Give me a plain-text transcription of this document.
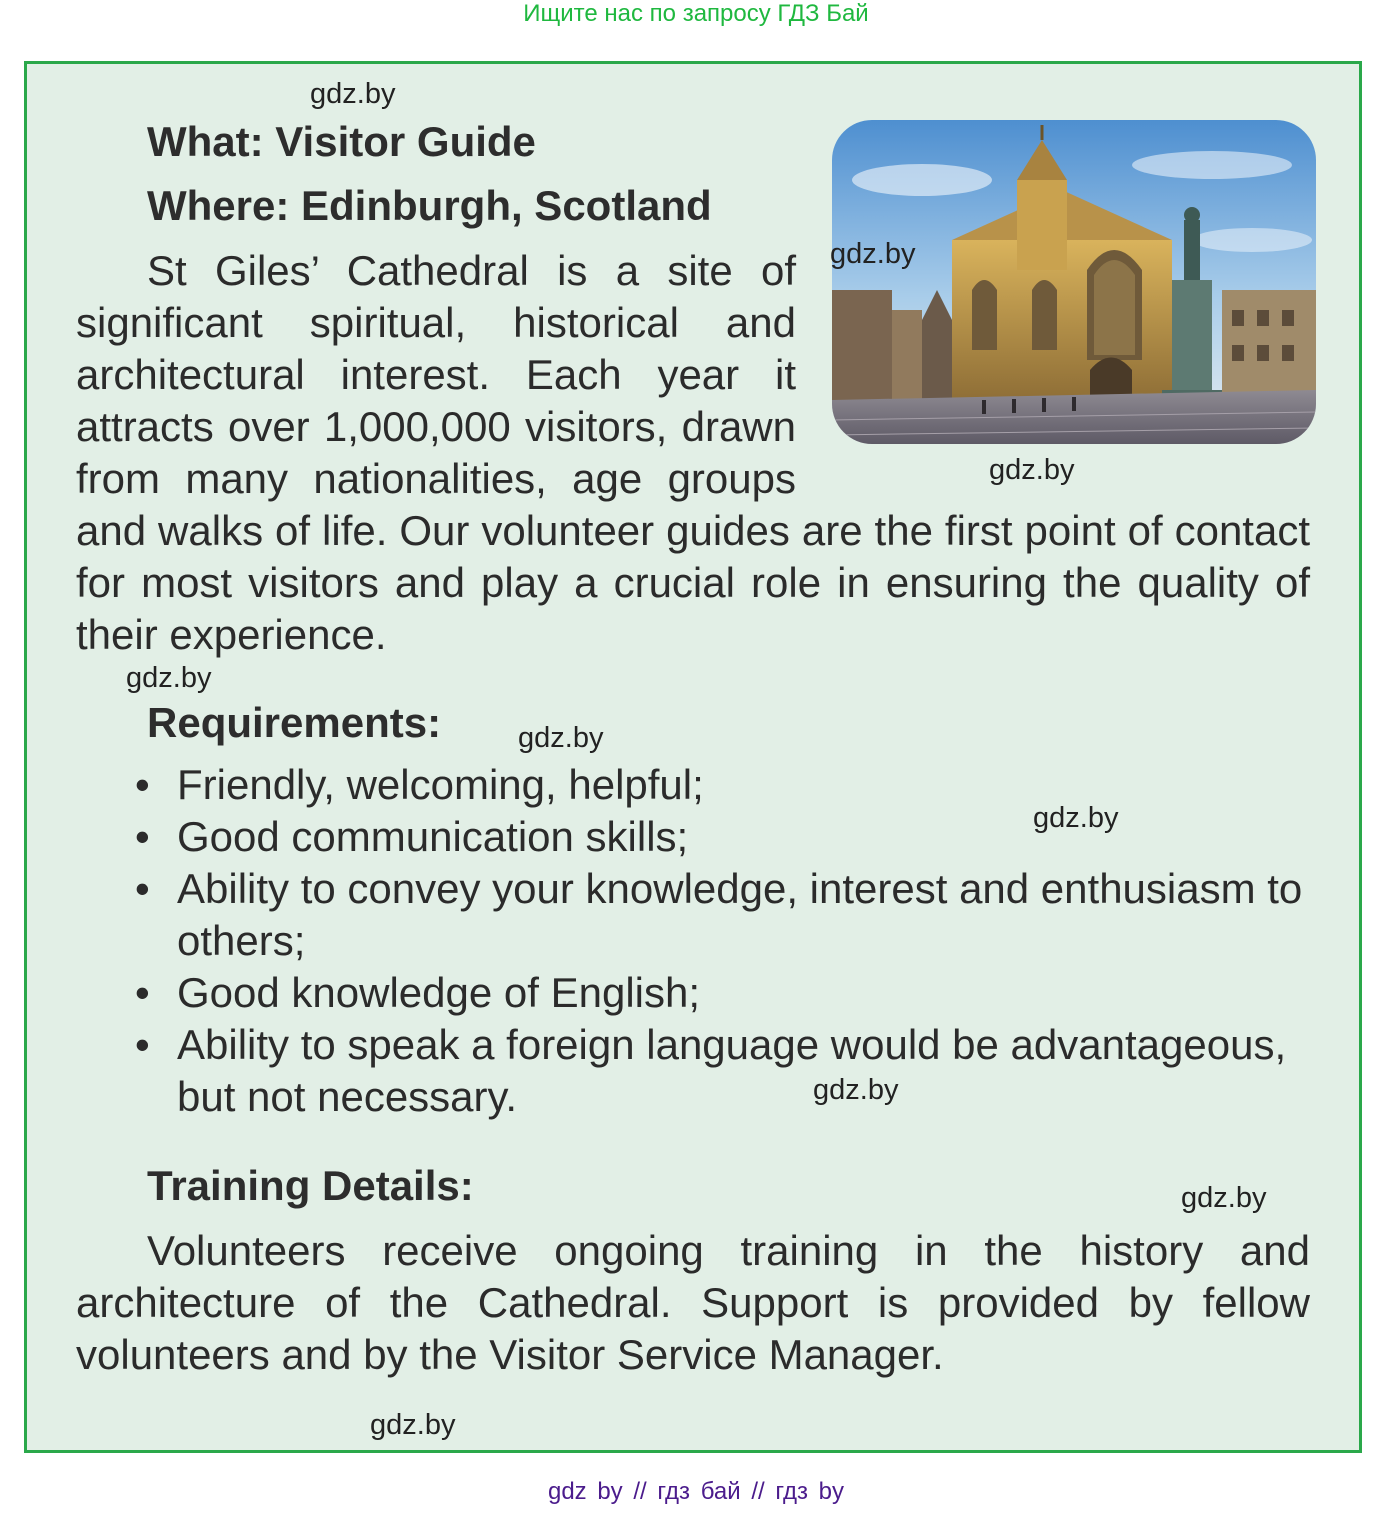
Ищите нас по запросу ГДЗ Бай
gdz.by
What: Visitor Guide
Where: Edinburgh, Scotland
gdz.by
gdz.by
St Giles’ Cathedral is a site of
significant spiritual, historical and
architectural interest. Each year it
attracts over 1,000,000 visitors, drawn
from many nationalities, age groups
and walks of life. Our volunteer guides are the first point of contact
for most visitors and play a crucial role in ensuring the quality of
their experience.
gdz.by
Requirements:	gdz.by
gdz.by
• Friendly, welcoming, helpful;
• Good communication skills;
• Ability to convey your knowledge, interest and enthusiasm to others;
• Good knowledge of English;
• Ability to speak a foreign language would be advantageous, but not necessary.	gdz.by
Training Details:	gdz.by
Volunteers receive ongoing training in the history and
architecture of the Cathedral. Support is provided by fellow
volunteers and by the Visitor Service Manager.
gdz.by
gdz by // гдз бай // гдз by
